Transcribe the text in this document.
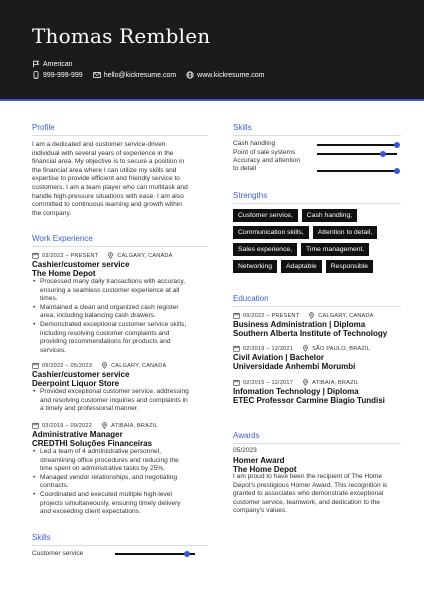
Thomas Remblen
American
999-999-999	hello@kickresume.com	www.kickresume.com
Profile
I am a dedicated and customer service-driven
individual with several years of experience in the
financial area. My objective is to secure a position in
the financial area where I can utilize my skills and
expertise to provide efficient and friendly service to
customers. I am a team player who can multitask and
handle high-pressure situations with ease. I am also
committed to continuous learning and growth within
the company.
Work Experience
03/2023 – PRESENT	CALGARY, CANADA
Cashier/customer service
The Home Depot
• Processed many daily transactions with accuracy,
ensuring a seamless customer experience at all
times.
• Maintained a clean and organized cash register
area, including balancing cash drawers.
• Demonstrated exceptional customer service skills,
including resolving customer complaints and
providing recommendations for products and
services.
09/2022 – 05/2023	CALGARY, CANADA
Cashier/customer service
Deerpoint Liquor Store
• Provided exceptional customer service, addressing
and resolving customer inquiries and complaints in
a timely and professional manner.
03/2019 – 09/2022	ATIBAIA, BRAZIL
Administrative Manager
CREDTHI Soluções Financeiras
• Led a team of 4 administrative personnel,
streamlining office procedures and reducing the
time spent on administrative tasks by 25%.
• Managed vendor relationships, and negotiating
contracts.
• Coordinated and executed multiple high-level
projects simultaneously, ensuring timely delivery
and exceeding client expectations.
Skills
Customer service
Skills
Cash handling
Point of sale systems
Accuracy and attention
to detail
Strengths
Customer service,	Cash handling,
Communication skills,	Attention to detail,
Sales experience,	Time management.
Networking	Adaptable	Responsible
Education
09/2022 – PRESENT	CALGARY, CANADA
Business Administration | Diploma
Southern Alberta Institute of Technology
02/2019 – 12/2021	SÃO PAULO, BRAZIL
Civil Aviation | Bachelor
Universidade Anhembi Morumbi
02/2015 – 12/2017	ATIBAIA, BRAZIL
Infomation Technology | Diploma
ETEC Professor Carmine Biagio Tundisi
Awards
05/2023
Homer Award
The Home Depot
I am proud to have been the recipient of The Home
Depot's prestigious Homer Award. This recognition is
granted to associates who demonstrate exceptional
customer service, teamwork, and dedication to the
company's values.
